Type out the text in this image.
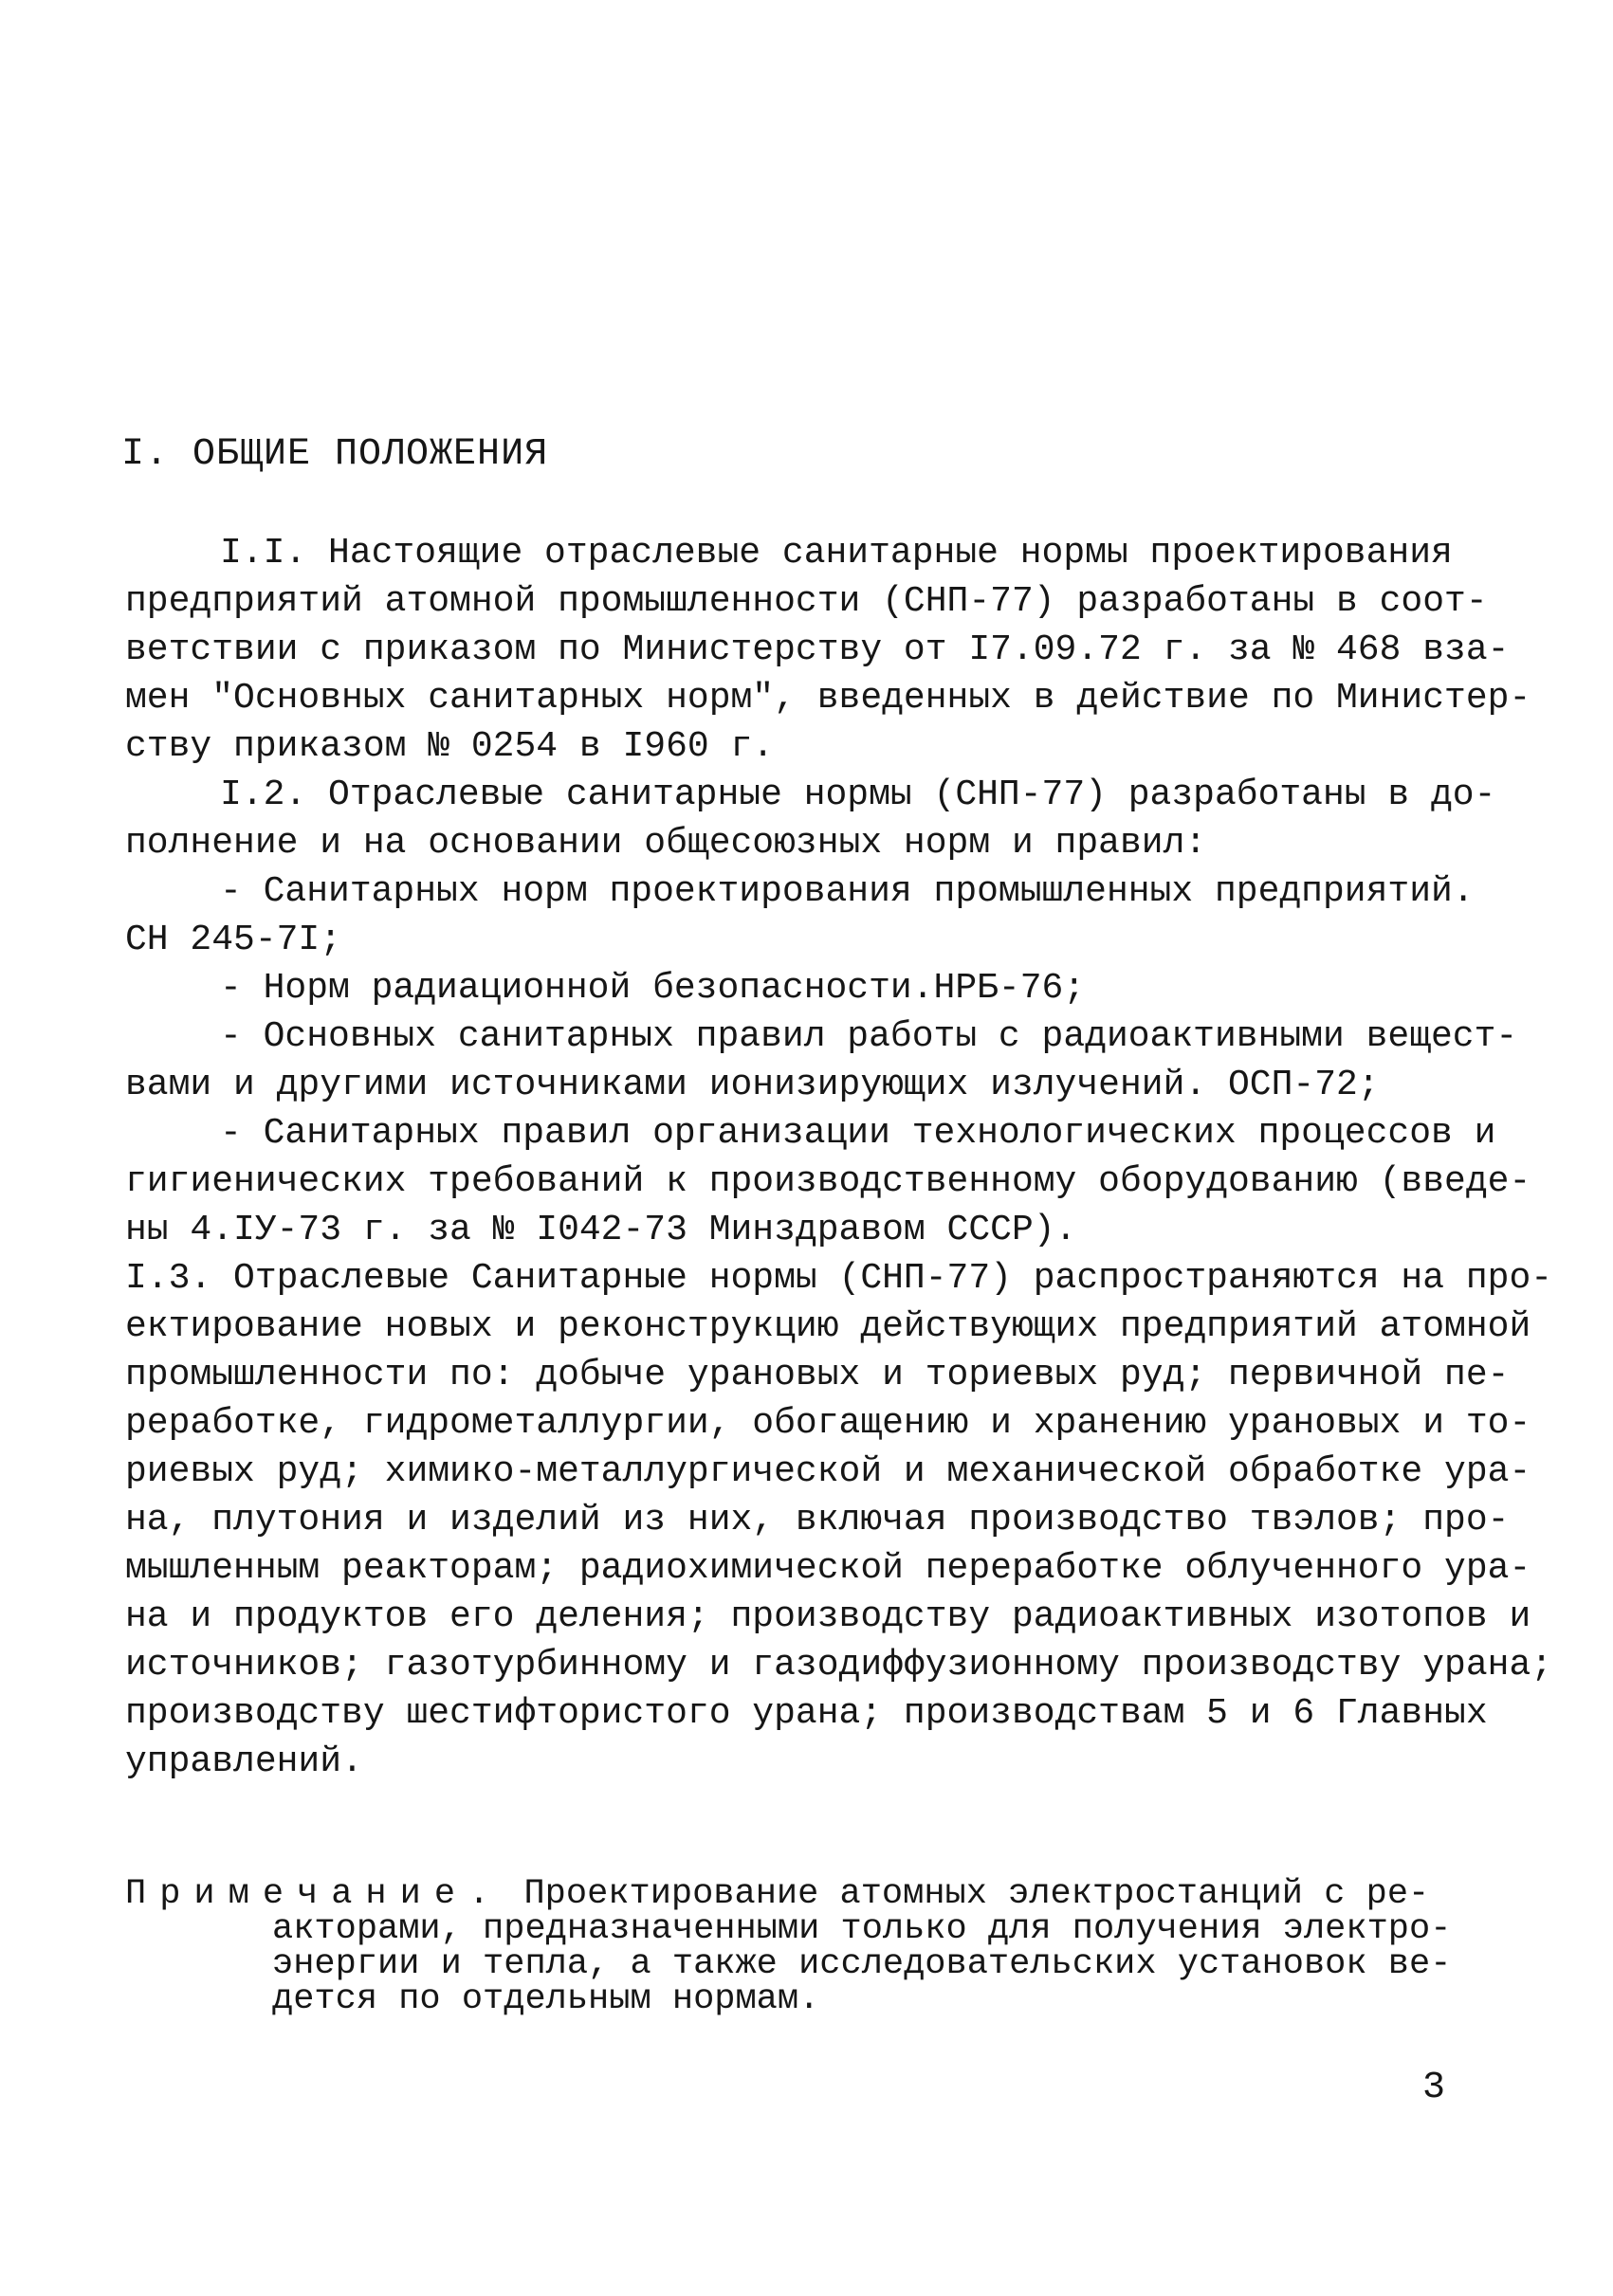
I. ОБЩИЕ ПОЛОЖЕНИЯ
I.I. Настоящие отраслевые санитарные нормы проектирования
предприятий атомной промышленности (СНП-77) разработаны в соот-
ветствии с приказом по Министерству от I7.09.72 г. за № 468 вза-
мен "Основных санитарных норм", введенных в действие по Министер-
ству приказом № 0254 в I960 г.
I.2. Отраслевые санитарные нормы (СНП-77) разработаны в до-
полнение и на основании общесоюзных норм и правил:
- Санитарных норм проектирования промышленных предприятий.
СН 245-7I;
- Норм радиационной безопасности.НРБ-76;
- Основных санитарных правил работы с радиоактивными вещест-
вами и другими источниками ионизирующих излучений. ОСП-72;
- Санитарных правил организации технологических процессов и
гигиенических требований к производственному оборудованию (введе-
ны 4.IУ-73 г. за № I042-73 Минздравом СССР).
I.3. Отраслевые Санитарные нормы (СНП-77) распространяются на про-
ектирование новых и реконструкцию действующих предприятий атомной
промышленности по: добыче урановых и ториевых руд; первичной пе-
реработке, гидрометаллургии, обогащению и хранению урановых и то-
риевых руд; химико-металлургической и механической обработке ура-
на, плутония и изделий из них, включая производство твэлов; про-
мышленным реакторам; радиохимической переработке облученного ура-
на и продуктов его деления; производству радиоактивных изотопов и
источников; газотурбинному и газодиффузионному производству урана;
производству шестифтористого урана; производствам 5 и 6 Главных
управлений.
Примечание. Проектирование атомных электростанций с ре-
акторами, предназначенными только для получения электро-
энергии и тепла, а также исследовательских установок ве-
дется по отдельным нормам.
3
